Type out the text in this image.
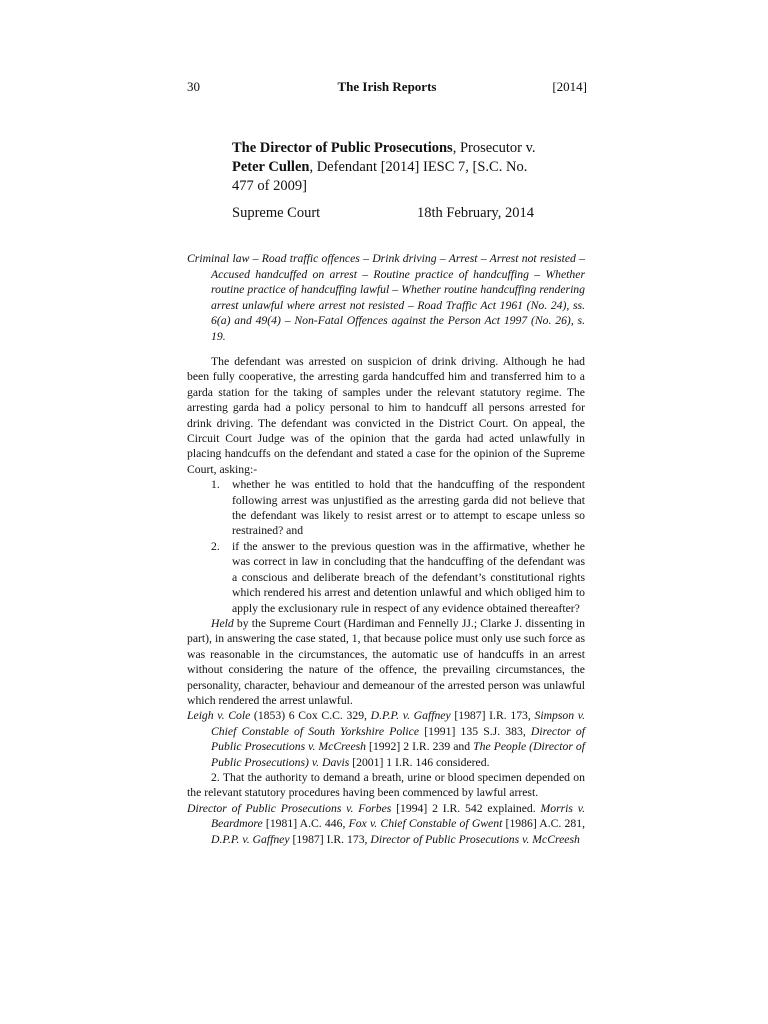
30	The Irish Reports	[2014]
The Director of Public Prosecutions, Prosecutor v. Peter Cullen, Defendant [2014] IESC 7, [S.C. No. 477 of 2009]
Supreme Court	18th February, 2014

Criminal law – Road traffic offences – Drink driving – Arrest – Arrest not resisted – Accused handcuffed on arrest – Routine practice of handcuffing – Whether routine practice of handcuffing lawful – Whether routine handcuffing rendering arrest unlawful where arrest not resisted – Road Traffic Act 1961 (No. 24), ss. 6(a) and 49(4) – Non-Fatal Offences against the Person Act 1997 (No. 26), s. 19.

The defendant was arrested on suspicion of drink driving. Although he had been fully cooperative, the arresting garda handcuffed him and transferred him to a garda station for the taking of samples under the relevant statutory regime. The arresting garda had a policy personal to him to handcuff all persons arrested for drink driving. The defendant was convicted in the District Court. On appeal, the Circuit Court Judge was of the opinion that the garda had acted unlawfully in placing handcuffs on the defendant and stated a case for the opinion of the Supreme Court, asking:-

1. whether he was entitled to hold that the handcuffing of the respondent following arrest was unjustified as the arresting garda did not believe that the defendant was likely to resist arrest or to attempt to escape unless so restrained? and
2. if the answer to the previous question was in the affirmative, whether he was correct in law in concluding that the handcuffing of the defendant was a conscious and deliberate breach of the defendant’s constitutional rights which rendered his arrest and detention unlawful and which obliged him to apply the exclusionary rule in respect of any evidence obtained thereafter?

Held by the Supreme Court (Hardiman and Fennelly JJ.; Clarke J. dissenting in part), in answering the case stated, 1, that because police must only use such force as was reasonable in the circumstances, the automatic use of handcuffs in an arrest without considering the nature of the offence, the prevailing circumstances, the personality, character, behaviour and demeanour of the arrested person was unlawful which rendered the arrest unlawful.

Leigh v. Cole (1853) 6 Cox C.C. 329, D.P.P. v. Gaffney [1987] I.R. 173, Simpson v. Chief Constable of South Yorkshire Police [1991] 135 S.J. 383, Director of Public Prosecutions v. McCreesh [1992] 2 I.R. 239 and The People (Director of Public Prosecutions) v. Davis [2001] 1 I.R. 146 considered.

2. That the authority to demand a breath, urine or blood specimen depended on the relevant statutory procedures having been commenced by lawful arrest.

Director of Public Prosecutions v. Forbes [1994] 2 I.R. 542 explained. Morris v. Beardmore [1981] A.C. 446, Fox v. Chief Constable of Gwent [1986] A.C. 281, D.P.P. v. Gaffney [1987] I.R. 173, Director of Public Prosecutions v. McCreesh
